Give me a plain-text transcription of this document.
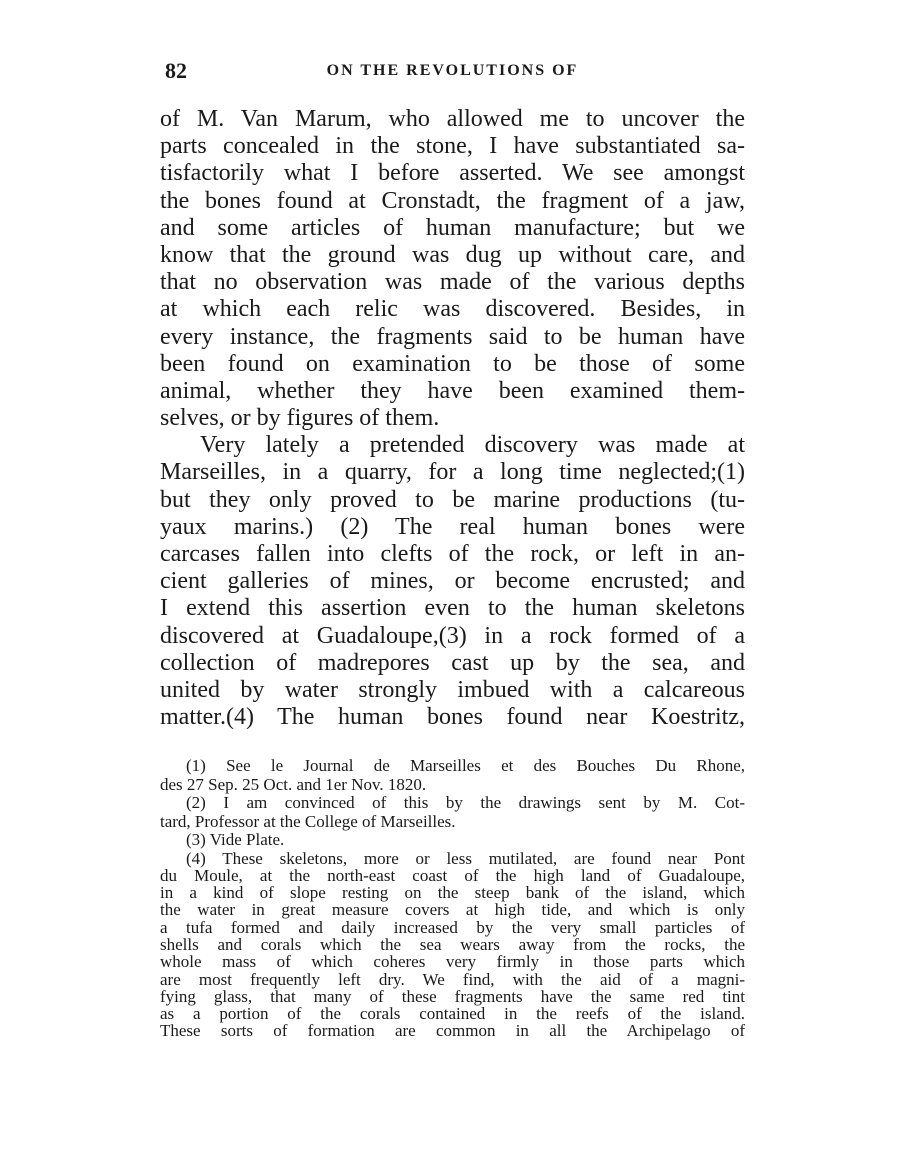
82	ON THE REVOLUTIONS OF
of M. Van Marum, who allowed me to uncover the
parts concealed in the stone, I have substantiated sa-
tisfactorily what I before asserted. We see amongst
the bones found at Cronstadt, the fragment of a jaw,
and some articles of human manufacture; but we
know that the ground was dug up without care, and
that no observation was made of the various depths
at which each relic was discovered. Besides, in
every instance, the fragments said to be human have
been found on examination to be those of some
animal, whether they have been examined them-
selves, or by figures of them.
Very lately a pretended discovery was made at
Marseilles, in a quarry, for a long time neglected;(1)
but they only proved to be marine productions (tu-
yaux marins.) (2) The real human bones were
carcases fallen into clefts of the rock, or left in an-
cient galleries of mines, or become encrusted; and
I extend this assertion even to the human skeletons
discovered at Guadaloupe,(3) in a rock formed of a
collection of madrepores cast up by the sea, and
united by water strongly imbued with a calcareous
matter.(4) The human bones found near Koestritz,
(1) See le Journal de Marseilles et des Bouches Du Rhone,
des 27 Sep. 25 Oct. and 1er Nov. 1820.
(2) I am convinced of this by the drawings sent by M. Cot-
tard, Professor at the College of Marseilles.
(3) Vide Plate.
(4) These skeletons, more or less mutilated, are found near Pont
du Moule, at the north-east coast of the high land of Guadaloupe,
in a kind of slope resting on the steep bank of the island, which
the water in great measure covers at high tide, and which is only
a tufa formed and daily increased by the very small particles of
shells and corals which the sea wears away from the rocks, the
whole mass of which coheres very firmly in those parts which
are most frequently left dry. We find, with the aid of a magni-
fying glass, that many of these fragments have the same red tint
as a portion of the corals contained in the reefs of the island.
These sorts of formation are common in all the Archipelago of
